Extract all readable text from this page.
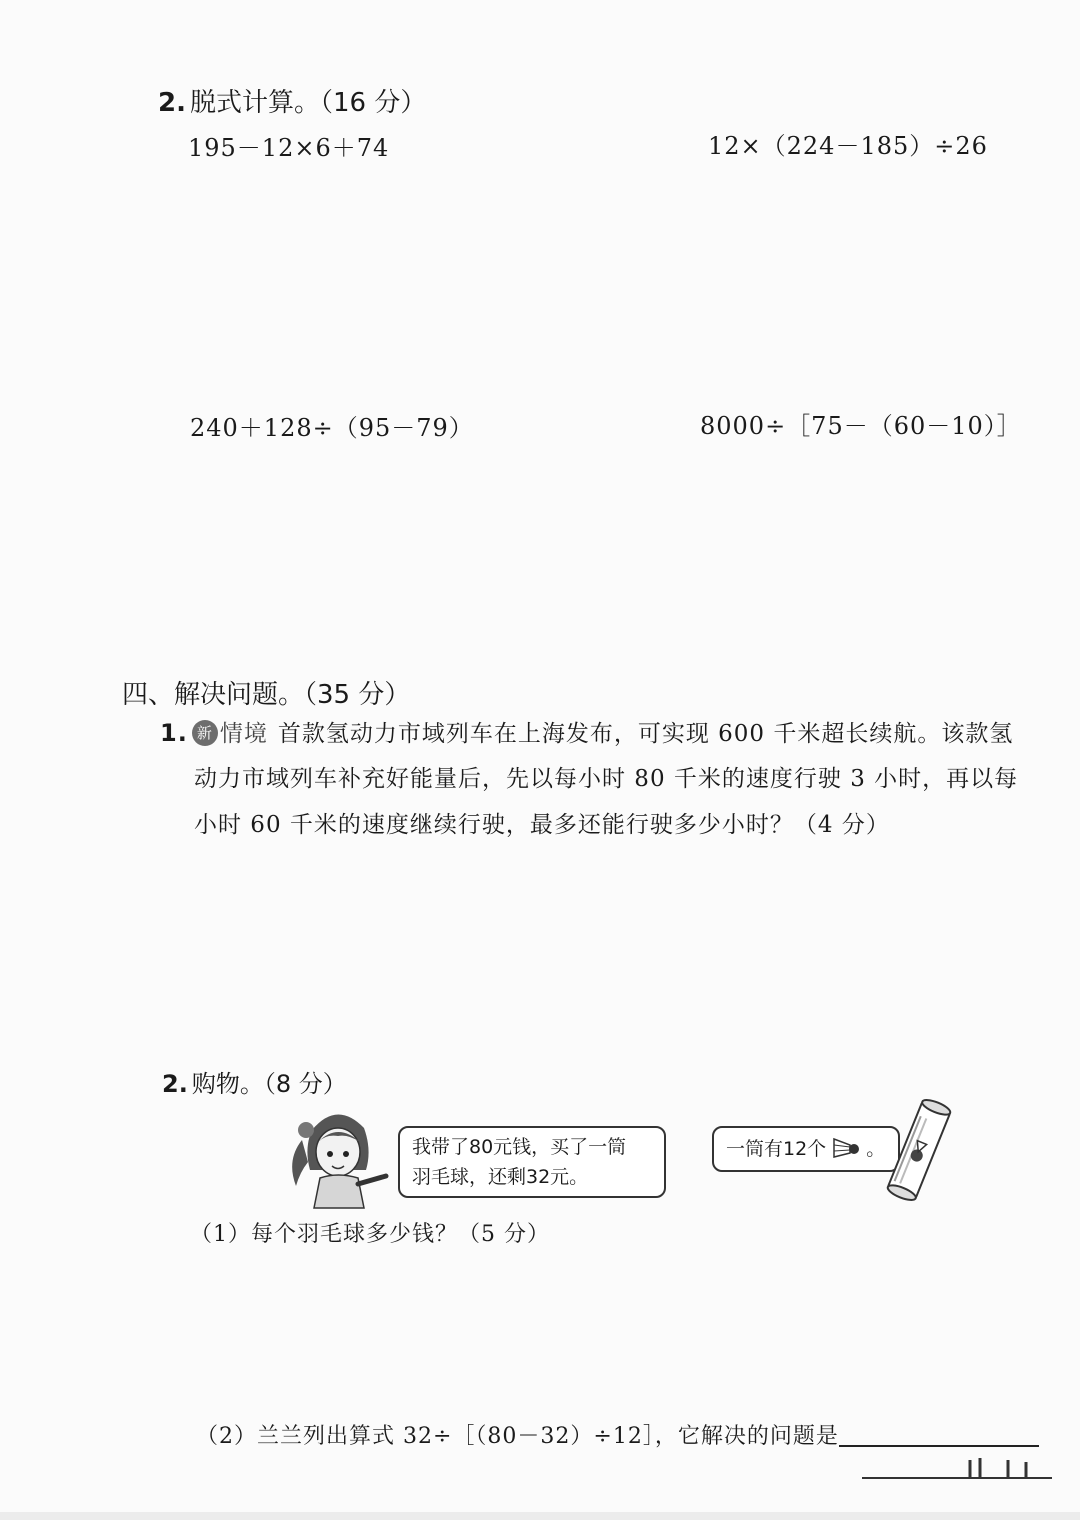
2. 脱式计算。（16 分）
195－12×6＋74	12×（224－185）÷26
240＋128÷（95－79）	8000÷［75－（60－10）］
四、解决问题。（35 分）
1. 新 情境 首款氢动力市域列车在上海发布，可实现 600 千米超长续航。该款氢
动力市域列车补充好能量后，先以每小时 80 千米的速度行驶 3 小时，再以每
小时 60 千米的速度继续行驶，最多还能行驶多少小时？（4 分）
2. 购物。（8 分）
我带了80元钱，买了一筒
羽毛球，还剩32元。
一筒有12个 。
（1）每个羽毛球多少钱？（5 分）
（2）兰兰列出算式 32÷［（80－32）÷12］，它解决的问题是
